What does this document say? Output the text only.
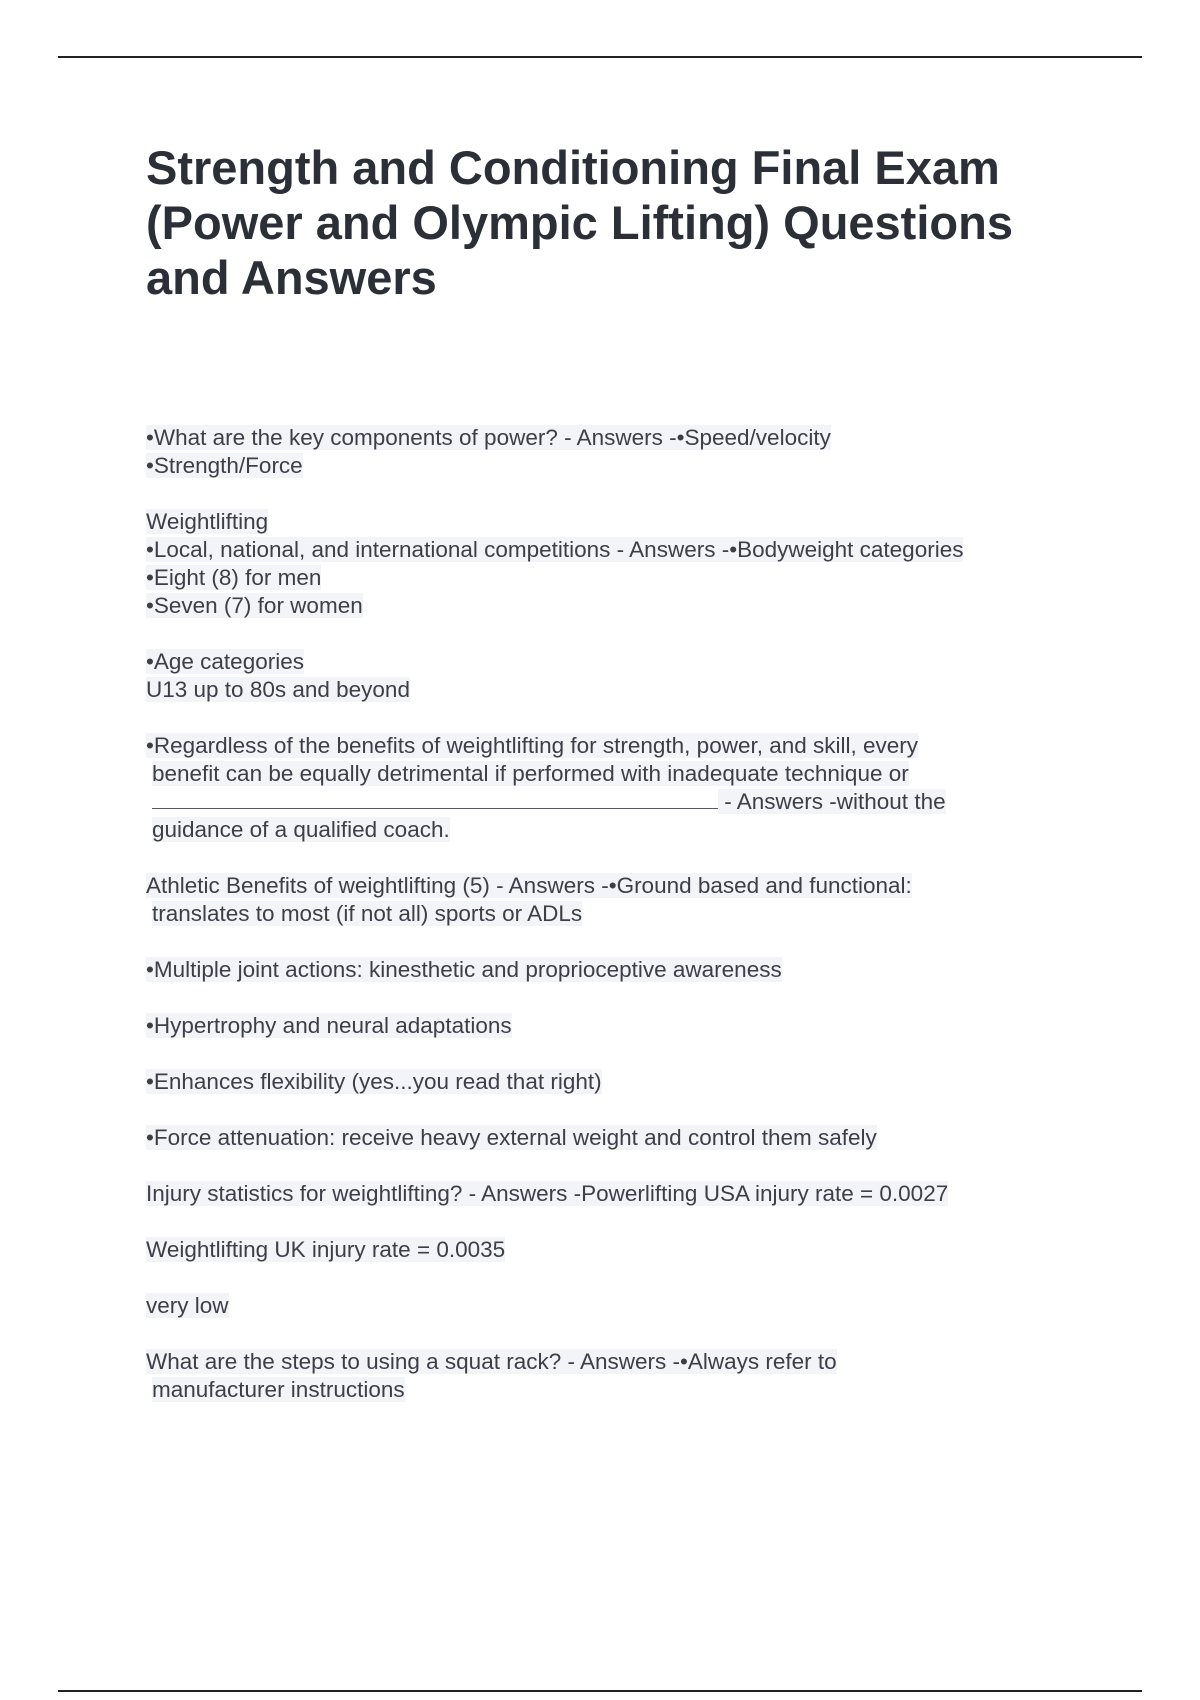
Strength and Conditioning Final Exam (Power and Olympic Lifting) Questions and Answers
•What are the key components of power? - Answers -•Speed/velocity
•Strength/Force
Weightlifting
•Local, national, and international competitions - Answers -•Bodyweight categories
•Eight (8) for men
•Seven (7) for women
•Age categories
U13 up to 80s and beyond
•Regardless of the benefits of weightlifting for strength, power, and skill, every
benefit can be equally detrimental if performed with inadequate technique or
- Answers -without the
guidance of a qualified coach.
Athletic Benefits of weightlifting (5) - Answers -•Ground based and functional:
translates to most (if not all) sports or ADLs
•Multiple joint actions: kinesthetic and proprioceptive awareness
•Hypertrophy and neural adaptations
•Enhances flexibility (yes...you read that right)
•Force attenuation: receive heavy external weight and control them safely
Injury statistics for weightlifting? - Answers -Powerlifting USA injury rate = 0.0027
Weightlifting UK injury rate = 0.0035
very low
What are the steps to using a squat rack? - Answers -•Always refer to
manufacturer instructions
